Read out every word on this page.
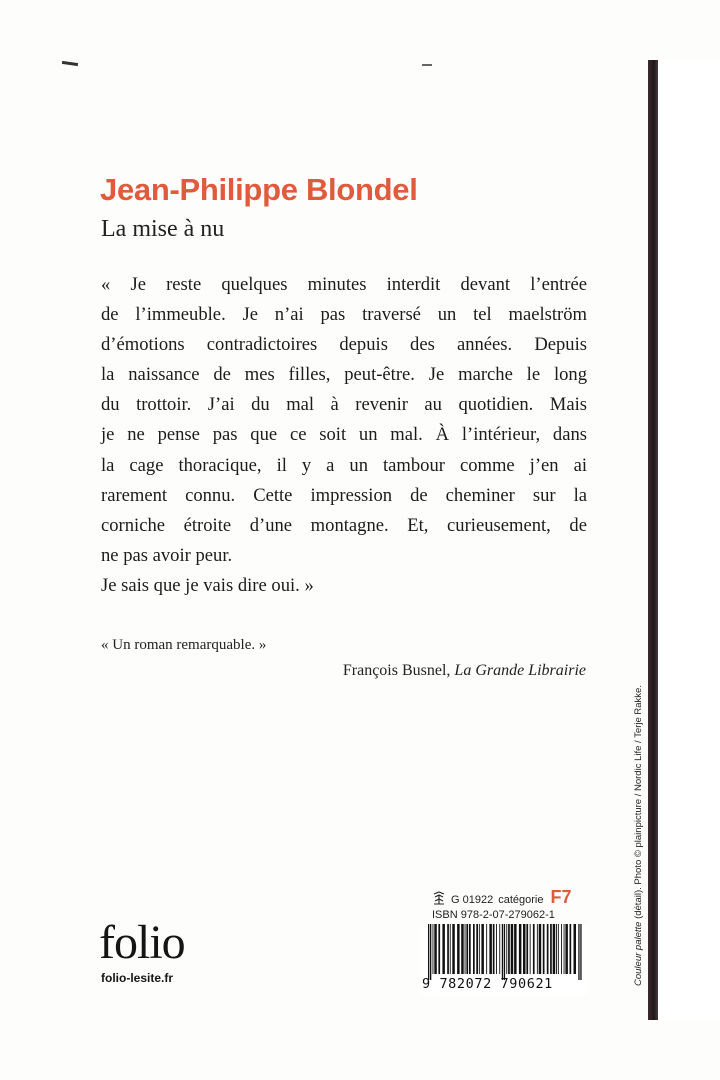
Jean-Philippe Blondel
La mise à nu
« Je reste quelques minutes interdit devant l’entrée
de l’immeuble. Je n’ai pas traversé un tel maelström
d’émotions contradictoires depuis des années. Depuis
la naissance de mes filles, peut-être. Je marche le long
du trottoir. J’ai du mal à revenir au quotidien. Mais
je ne pense pas que ce soit un mal. À l’intérieur, dans
la cage thoracique, il y a un tambour comme j’en ai
rarement connu. Cette impression de cheminer sur la
corniche étroite d’une montagne. Et, curieusement, de
ne pas avoir peur.
Je sais que je vais dire oui. »
« Un roman remarquable. »
François Busnel, La Grande Librairie
G 01922 catégorie F7
ISBN 978-2-07-279062-1
9 782072 790621
folio
folio-lesite.fr	Couleur palette (détail). Photo © plainpicture / Nordic Life / Terje Rakke.
